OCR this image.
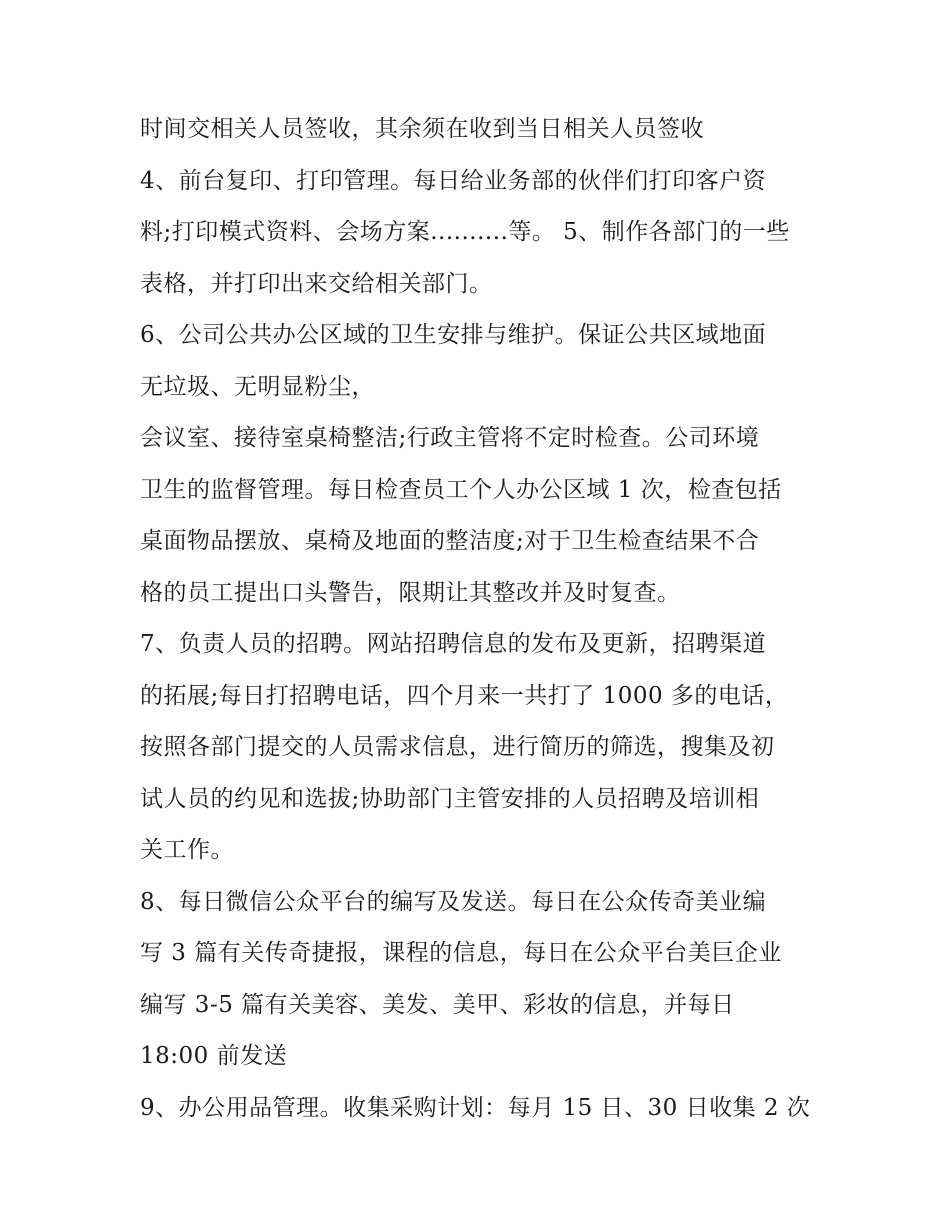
时间交相关人员签收，其余须在收到当日相关人员签收
4、前台复印、打印管理。每日给业务部的伙伴们打印客户资
料;打印模式资料、会场方案..........等。 5、制作各部门的一些
表格，并打印出来交给相关部门。
6、公司公共办公区域的卫生安排与维护。保证公共区域地面
无垃圾、无明显粉尘，
会议室、接待室桌椅整洁;行政主管将不定时检查。公司环境
卫生的监督管理。每日检查员工个人办公区域 1 次，检查包括
桌面物品摆放、桌椅及地面的整洁度;对于卫生检查结果不合
格的员工提出口头警告，限期让其整改并及时复查。
7、负责人员的招聘。网站招聘信息的发布及更新，招聘渠道
的拓展;每日打招聘电话，四个月来一共打了 1000 多的电话，
按照各部门提交的人员需求信息，进行简历的筛选，搜集及初
试人员的约见和选拔;协助部门主管安排的人员招聘及培训相
关工作。
8、每日微信公众平台的编写及发送。每日在公众传奇美业编
写 3 篇有关传奇捷报，课程的信息，每日在公众平台美巨企业
编写 3-5 篇有关美容、美发、美甲、彩妆的信息，并每日
18:00 前发送
9、办公用品管理。收集采购计划：每月 15 日、30 日收集 2 次
